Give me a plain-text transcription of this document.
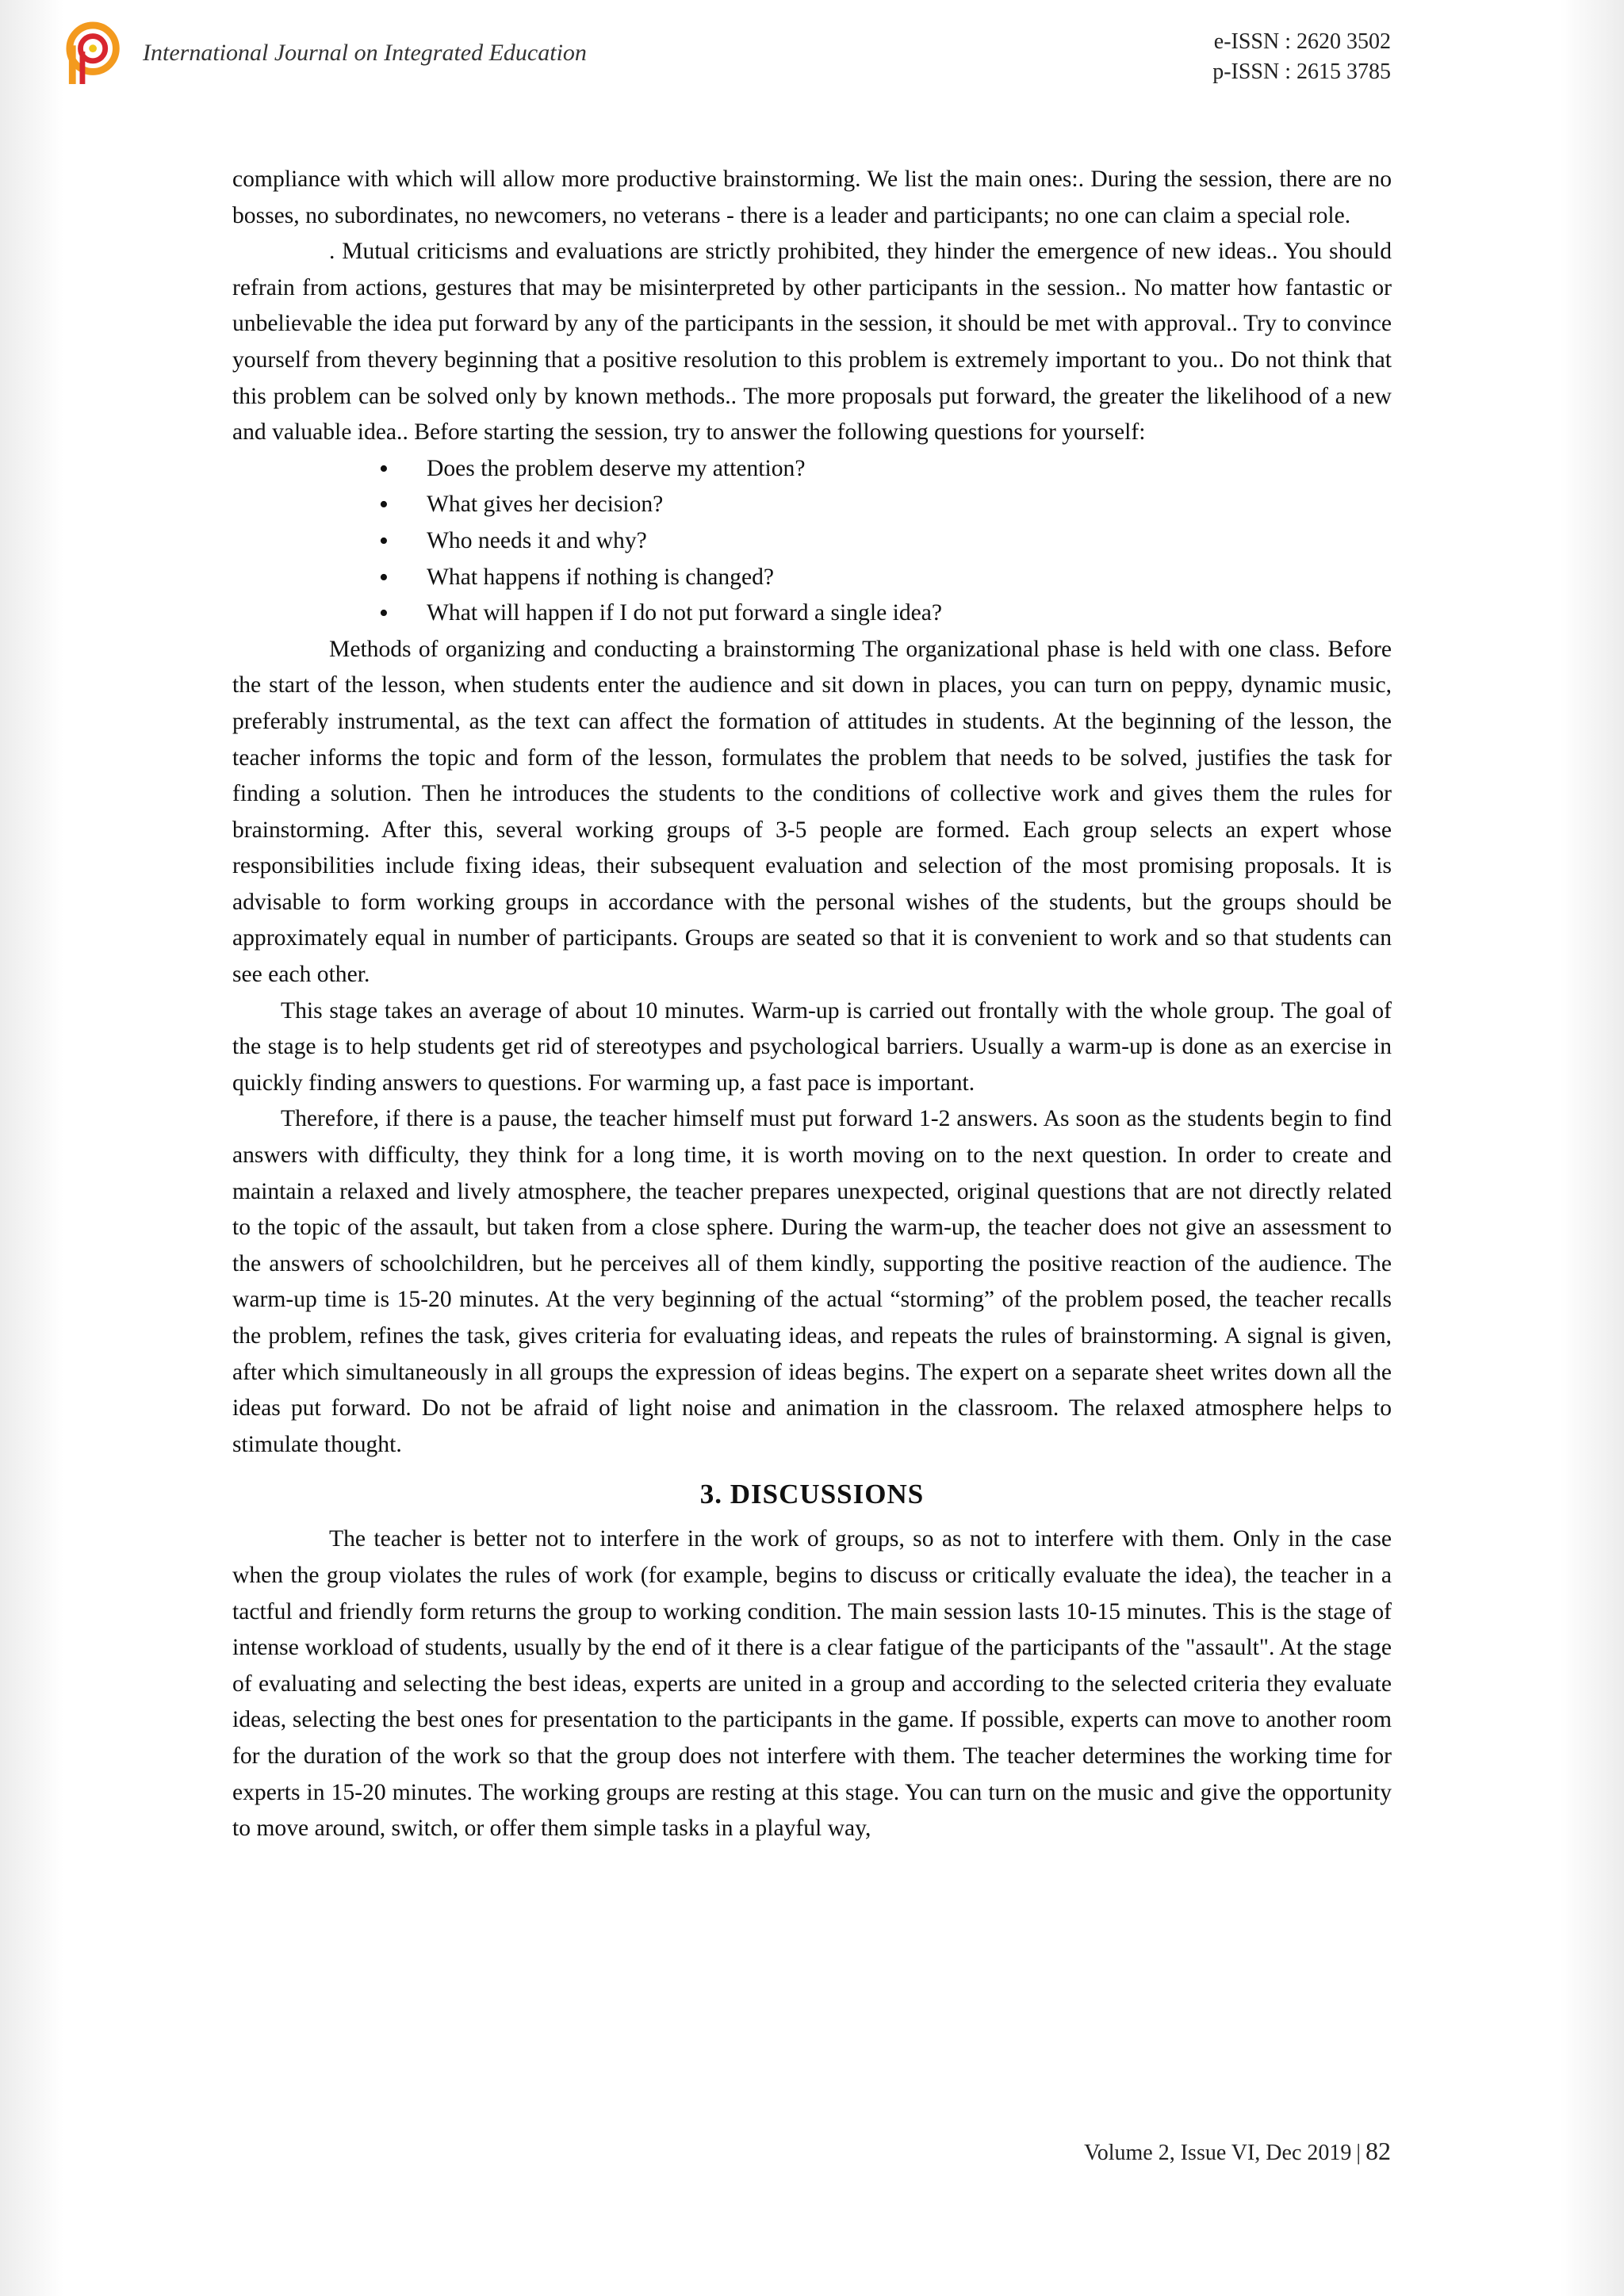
International Journal on Integrated Education	e-ISSN : 2620 3502
p-ISSN : 2615 3785

compliance with which will allow more productive brainstorming. We list the main ones:. During the session, there are no bosses, no subordinates, no newcomers, no veterans - there is a leader and participants; no one can claim a special role.

. Mutual criticisms and evaluations are strictly prohibited, they hinder the emergence of new ideas.. You should refrain from actions, gestures that may be misinterpreted by other participants in the session.. No matter how fantastic or unbelievable the idea put forward by any of the participants in the session, it should be met with approval.. Try to convince yourself from thevery beginning that a positive resolution to this problem is extremely important to you.. Do not think that this problem can be solved only by known methods.. The more proposals put forward, the greater the likelihood of a new and valuable idea.. Before starting the session, try to answer the following questions for yourself:

• Does the problem deserve my attention?
• What gives her decision?
• Who needs it and why?
• What happens if nothing is changed?
• What will happen if I do not put forward a single idea?

Methods of organizing and conducting a brainstorming The organizational phase is held with one class. Before the start of the lesson, when students enter the audience and sit down in places, you can turn on peppy, dynamic music, preferably instrumental, as the text can affect the formation of attitudes in students. At the beginning of the lesson, the teacher informs the topic and form of the lesson, formulates the problem that needs to be solved, justifies the task for finding a solution. Then he introduces the students to the conditions of collective work and gives them the rules for brainstorming. After this, several working groups of 3-5 people are formed. Each group selects an expert whose responsibilities include fixing ideas, their subsequent evaluation and selection of the most promising proposals. It is advisable to form working groups in accordance with the personal wishes of the students, but the groups should be approximately equal in number of participants. Groups are seated so that it is convenient to work and so that students can see each other.

This stage takes an average of about 10 minutes. Warm-up is carried out frontally with the whole group. The goal of the stage is to help students get rid of stereotypes and psychological barriers. Usually a warm-up is done as an exercise in quickly finding answers to questions. For warming up, a fast pace is important.

Therefore, if there is a pause, the teacher himself must put forward 1-2 answers. As soon as the students begin to find answers with difficulty, they think for a long time, it is worth moving on to the next question. In order to create and maintain a relaxed and lively atmosphere, the teacher prepares unexpected, original questions that are not directly related to the topic of the assault, but taken from a close sphere. During the warm-up, the teacher does not give an assessment to the answers of schoolchildren, but he perceives all of them kindly, supporting the positive reaction of the audience. The warm-up time is 15-20 minutes. At the very beginning of the actual “storming” of the problem posed, the teacher recalls the problem, refines the task, gives criteria for evaluating ideas, and repeats the rules of brainstorming. A signal is given, after which simultaneously in all groups the expression of ideas begins. The expert on a separate sheet writes down all the ideas put forward. Do not be afraid of light noise and animation in the classroom. The relaxed atmosphere helps to stimulate thought.

3. DISCUSSIONS

The teacher is better not to interfere in the work of groups, so as not to interfere with them. Only in the case when the group violates the rules of work (for example, begins to discuss or critically evaluate the idea), the teacher in a tactful and friendly form returns the group to working condition. The main session lasts 10-15 minutes. This is the stage of intense workload of students, usually by the end of it there is a clear fatigue of the participants of the "assault". At the stage of evaluating and selecting the best ideas, experts are united in a group and according to the selected criteria they evaluate ideas, selecting the best ones for presentation to the participants in the game. If possible, experts can move to another room for the duration of the work so that the group does not interfere with them. The teacher determines the working time for experts in 15-20 minutes. The working groups are resting at this stage. You can turn on the music and give the opportunity to move around, switch, or offer them simple tasks in a playful way,

Volume 2, Issue VI, Dec 2019 | 82
